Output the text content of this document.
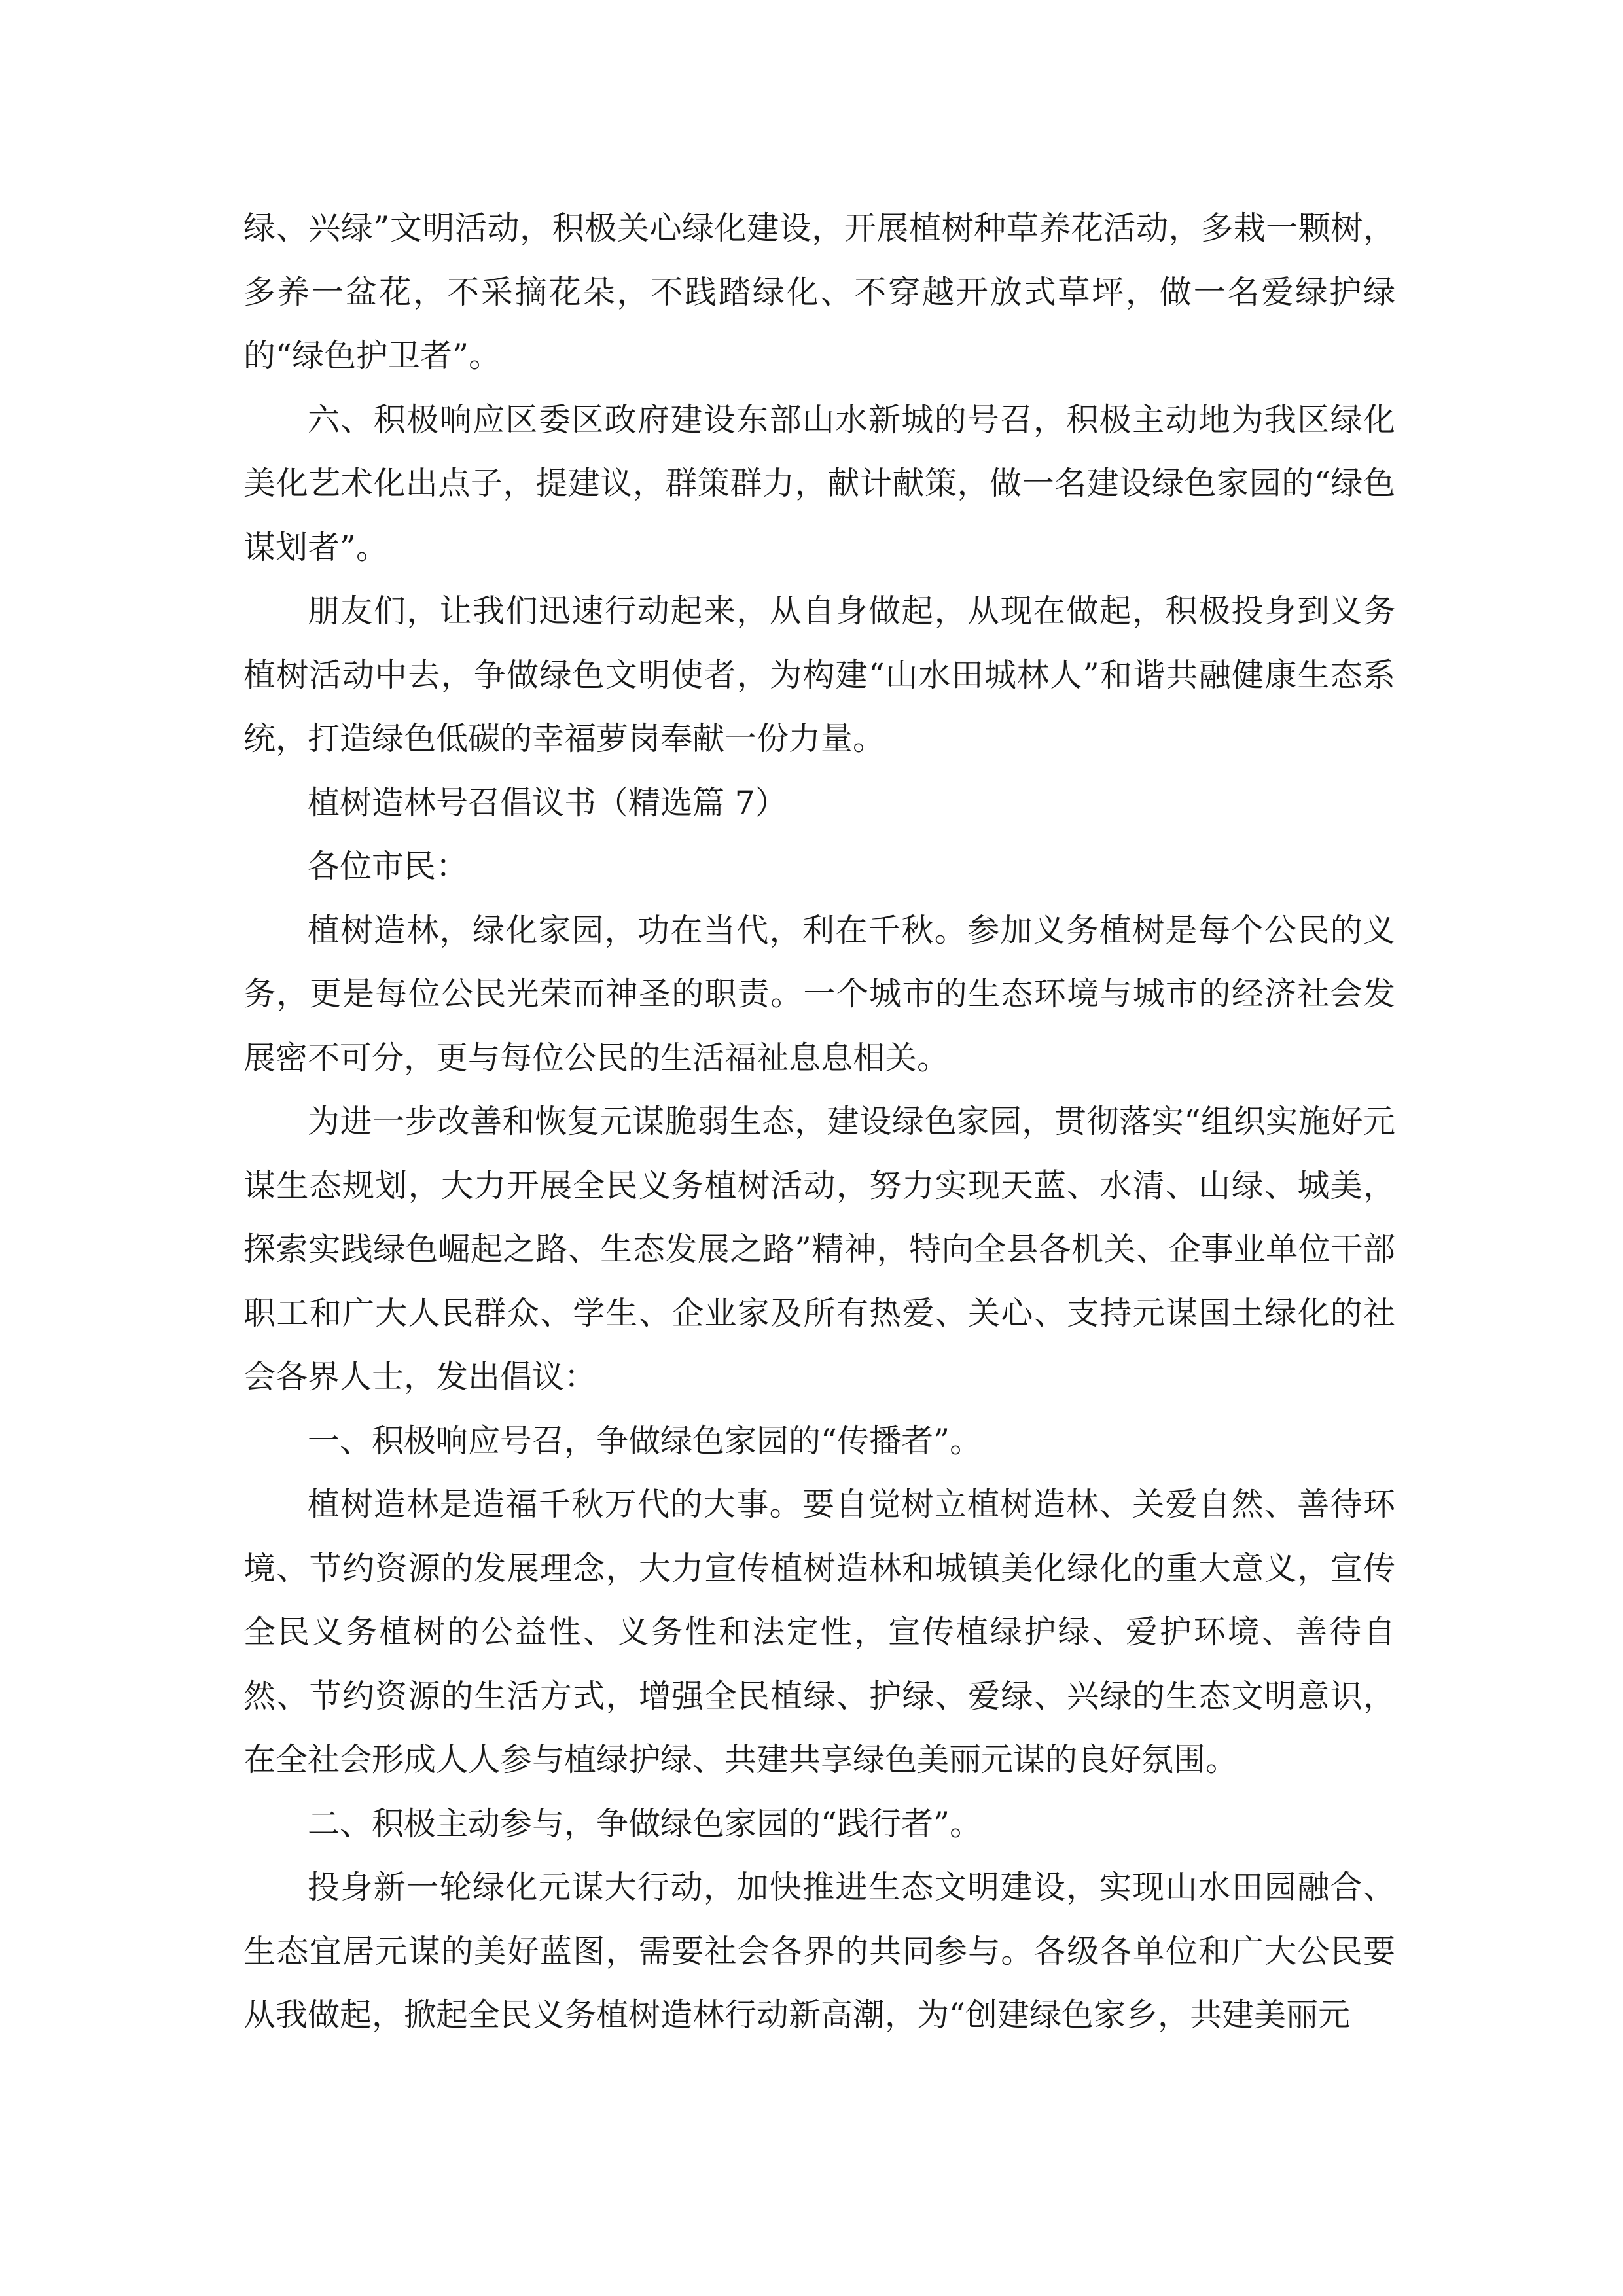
绿、兴绿”文明活动，积极关心绿化建设，开展植树种草养花活动，多栽一颗树，多养一盆花，不采摘花朵，不践踏绿化、不穿越开放式草坪，做一名爱绿护绿的“绿色护卫者”。

六、积极响应区委区政府建设东部山水新城的号召，积极主动地为我区绿化美化艺术化出点子，提建议，群策群力，献计献策，做一名建设绿色家园的“绿色谋划者”。

朋友们，让我们迅速行动起来，从自身做起，从现在做起，积极投身到义务植树活动中去，争做绿色文明使者，为构建“山水田城林人”和谐共融健康生态系统，打造绿色低碳的幸福萝岗奉献一份力量。

植树造林号召倡议书（精选篇 7）

各位市民：

植树造林，绿化家园，功在当代，利在千秋。参加义务植树是每个公民的义务，更是每位公民光荣而神圣的职责。一个城市的生态环境与城市的经济社会发展密不可分，更与每位公民的生活福祉息息相关。

为进一步改善和恢复元谋脆弱生态，建设绿色家园，贯彻落实“组织实施好元谋生态规划，大力开展全民义务植树活动，努力实现天蓝、水清、山绿、城美，探索实践绿色崛起之路、生态发展之路”精神，特向全县各机关、企事业单位干部职工和广大人民群众、学生、企业家及所有热爱、关心、支持元谋国土绿化的社会各界人士，发出倡议：

一、积极响应号召，争做绿色家园的“传播者”。

植树造林是造福千秋万代的大事。要自觉树立植树造林、关爱自然、善待环境、节约资源的发展理念，大力宣传植树造林和城镇美化绿化的重大意义，宣传全民义务植树的公益性、义务性和法定性，宣传植绿护绿、爱护环境、善待自然、节约资源的生活方式，增强全民植绿、护绿、爱绿、兴绿的生态文明意识，在全社会形成人人参与植绿护绿、共建共享绿色美丽元谋的良好氛围。

二、积极主动参与，争做绿色家园的“践行者”。

投身新一轮绿化元谋大行动，加快推进生态文明建设，实现山水田园融合、生态宜居元谋的美好蓝图，需要社会各界的共同参与。各级各单位和广大公民要从我做起，掀起全民义务植树造林行动新高潮，为“创建绿色家乡，共建美丽元
